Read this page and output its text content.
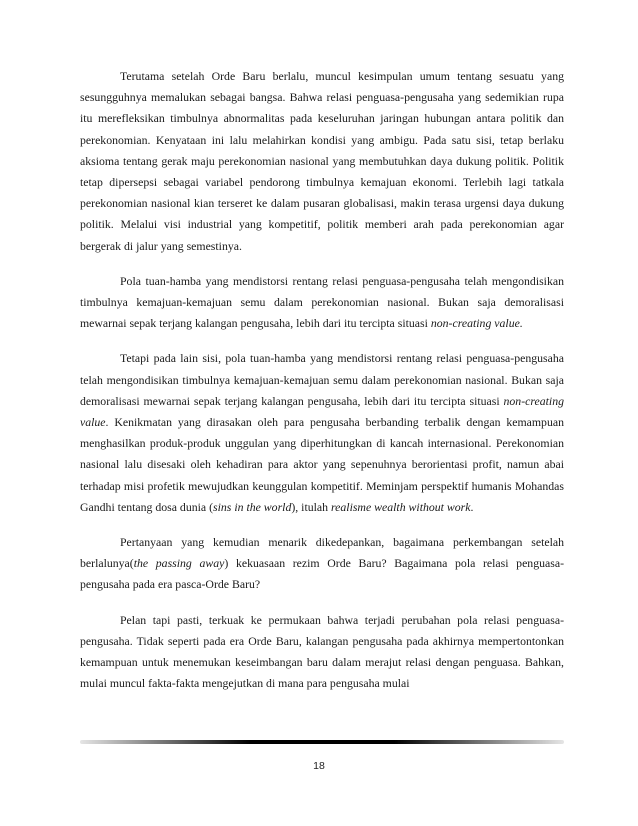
Terutama setelah Orde Baru berlalu, muncul kesimpulan umum tentang sesuatu yang sesungguhnya memalukan sebagai bangsa. Bahwa relasi penguasa-pengusaha yang sedemikian rupa itu merefleksikan timbulnya abnormalitas pada keseluruhan jaringan hubungan antara politik dan perekonomian. Kenyataan ini lalu melahirkan kondisi yang ambigu. Pada satu sisi, tetap berlaku aksioma tentang gerak maju perekonomian nasional yang membutuhkan daya dukung politik. Politik tetap dipersepsi sebagai variabel pendorong timbulnya kemajuan ekonomi. Terlebih lagi tatkala perekonomian nasional kian terseret ke dalam pusaran globalisasi, makin terasa urgensi daya dukung politik. Melalui visi industrial yang kompetitif, politik memberi arah pada perekonomian agar bergerak di jalur yang semestinya.

Pola tuan-hamba yang mendistorsi rentang relasi penguasa-pengusaha telah mengondisikan timbulnya kemajuan-kemajuan semu dalam perekonomian nasional. Bukan saja demoralisasi mewarnai sepak terjang kalangan pengusaha, lebih dari itu tercipta situasi non-creating value.

Tetapi pada lain sisi, pola tuan-hamba yang mendistorsi rentang relasi penguasa-pengusaha telah mengondisikan timbulnya kemajuan-kemajuan semu dalam perekonomian nasional. Bukan saja demoralisasi mewarnai sepak terjang kalangan pengusaha, lebih dari itu tercipta situasi non-creating value. Kenikmatan yang dirasakan oleh para pengusaha berbanding terbalik dengan kemampuan menghasilkan produk-produk unggulan yang diperhitungkan di kancah internasional. Perekonomian nasional lalu disesaki oleh kehadiran para aktor yang sepenuhnya berorientasi profit, namun abai terhadap misi profetik mewujudkan keunggulan kompetitif. Meminjam perspektif humanis Mohandas Gandhi tentang dosa dunia (sins in the world), itulah realisme wealth without work.

Pertanyaan yang kemudian menarik dikedepankan, bagaimana perkembangan setelah berlalunya(the passing away) kekuasaan rezim Orde Baru? Bagaimana pola relasi penguasa-pengusaha pada era pasca-Orde Baru?

Pelan tapi pasti, terkuak ke permukaan bahwa terjadi perubahan pola relasi penguasa-pengusaha. Tidak seperti pada era Orde Baru, kalangan pengusaha pada akhirnya mempertontonkan kemampuan untuk menemukan keseimbangan baru dalam merajut relasi dengan penguasa. Bahkan, mulai muncul fakta-fakta mengejutkan di mana para pengusaha mulai

18
